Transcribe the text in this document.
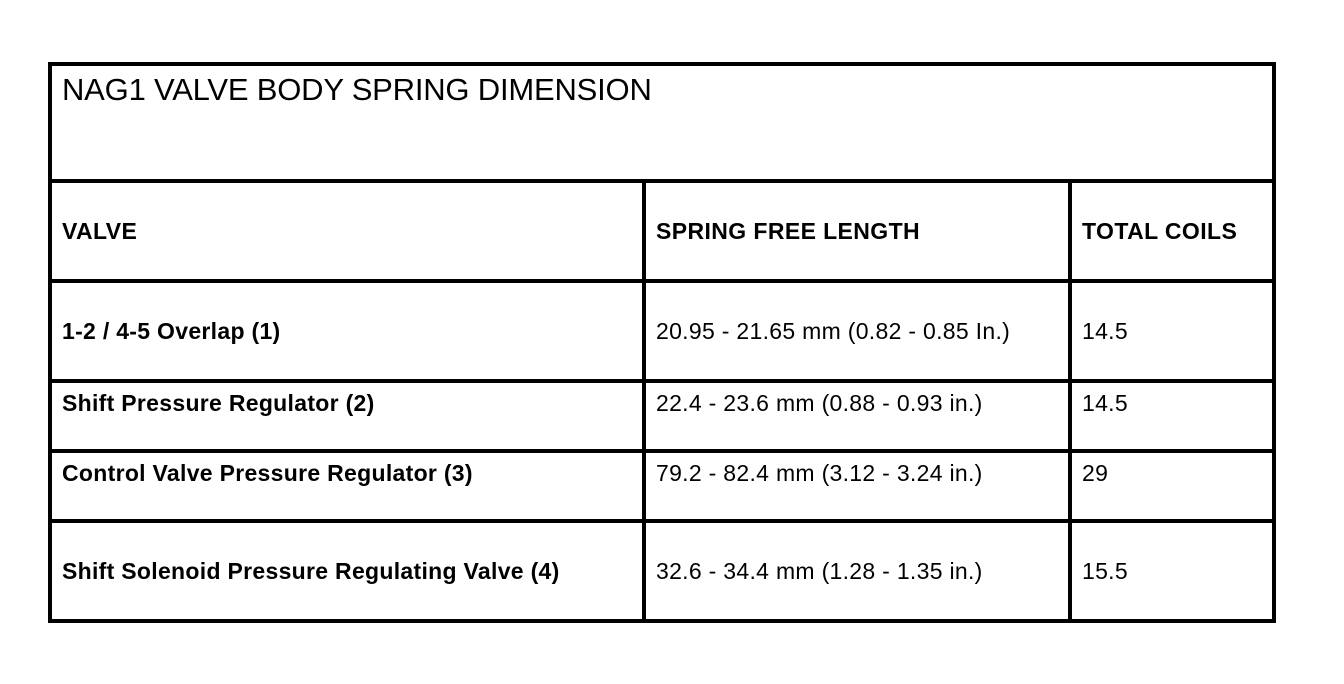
NAG1 VALVE BODY SPRING DIMENSION		
VALVE	SPRING FREE LENGTH	TOTAL COILS
1-2 / 4-5 Overlap (1)	20.95 - 21.65 mm (0.82 - 0.85 In.)	14.5
Shift Pressure Regulator (2)	22.4 - 23.6 mm (0.88 - 0.93 in.)	14.5
Control Valve Pressure Regulator (3)	79.2 - 82.4 mm (3.12 - 3.24 in.)	29
Shift Solenoid Pressure Regulating Valve (4)	32.6 - 34.4 mm (1.28 - 1.35 in.)	15.5
